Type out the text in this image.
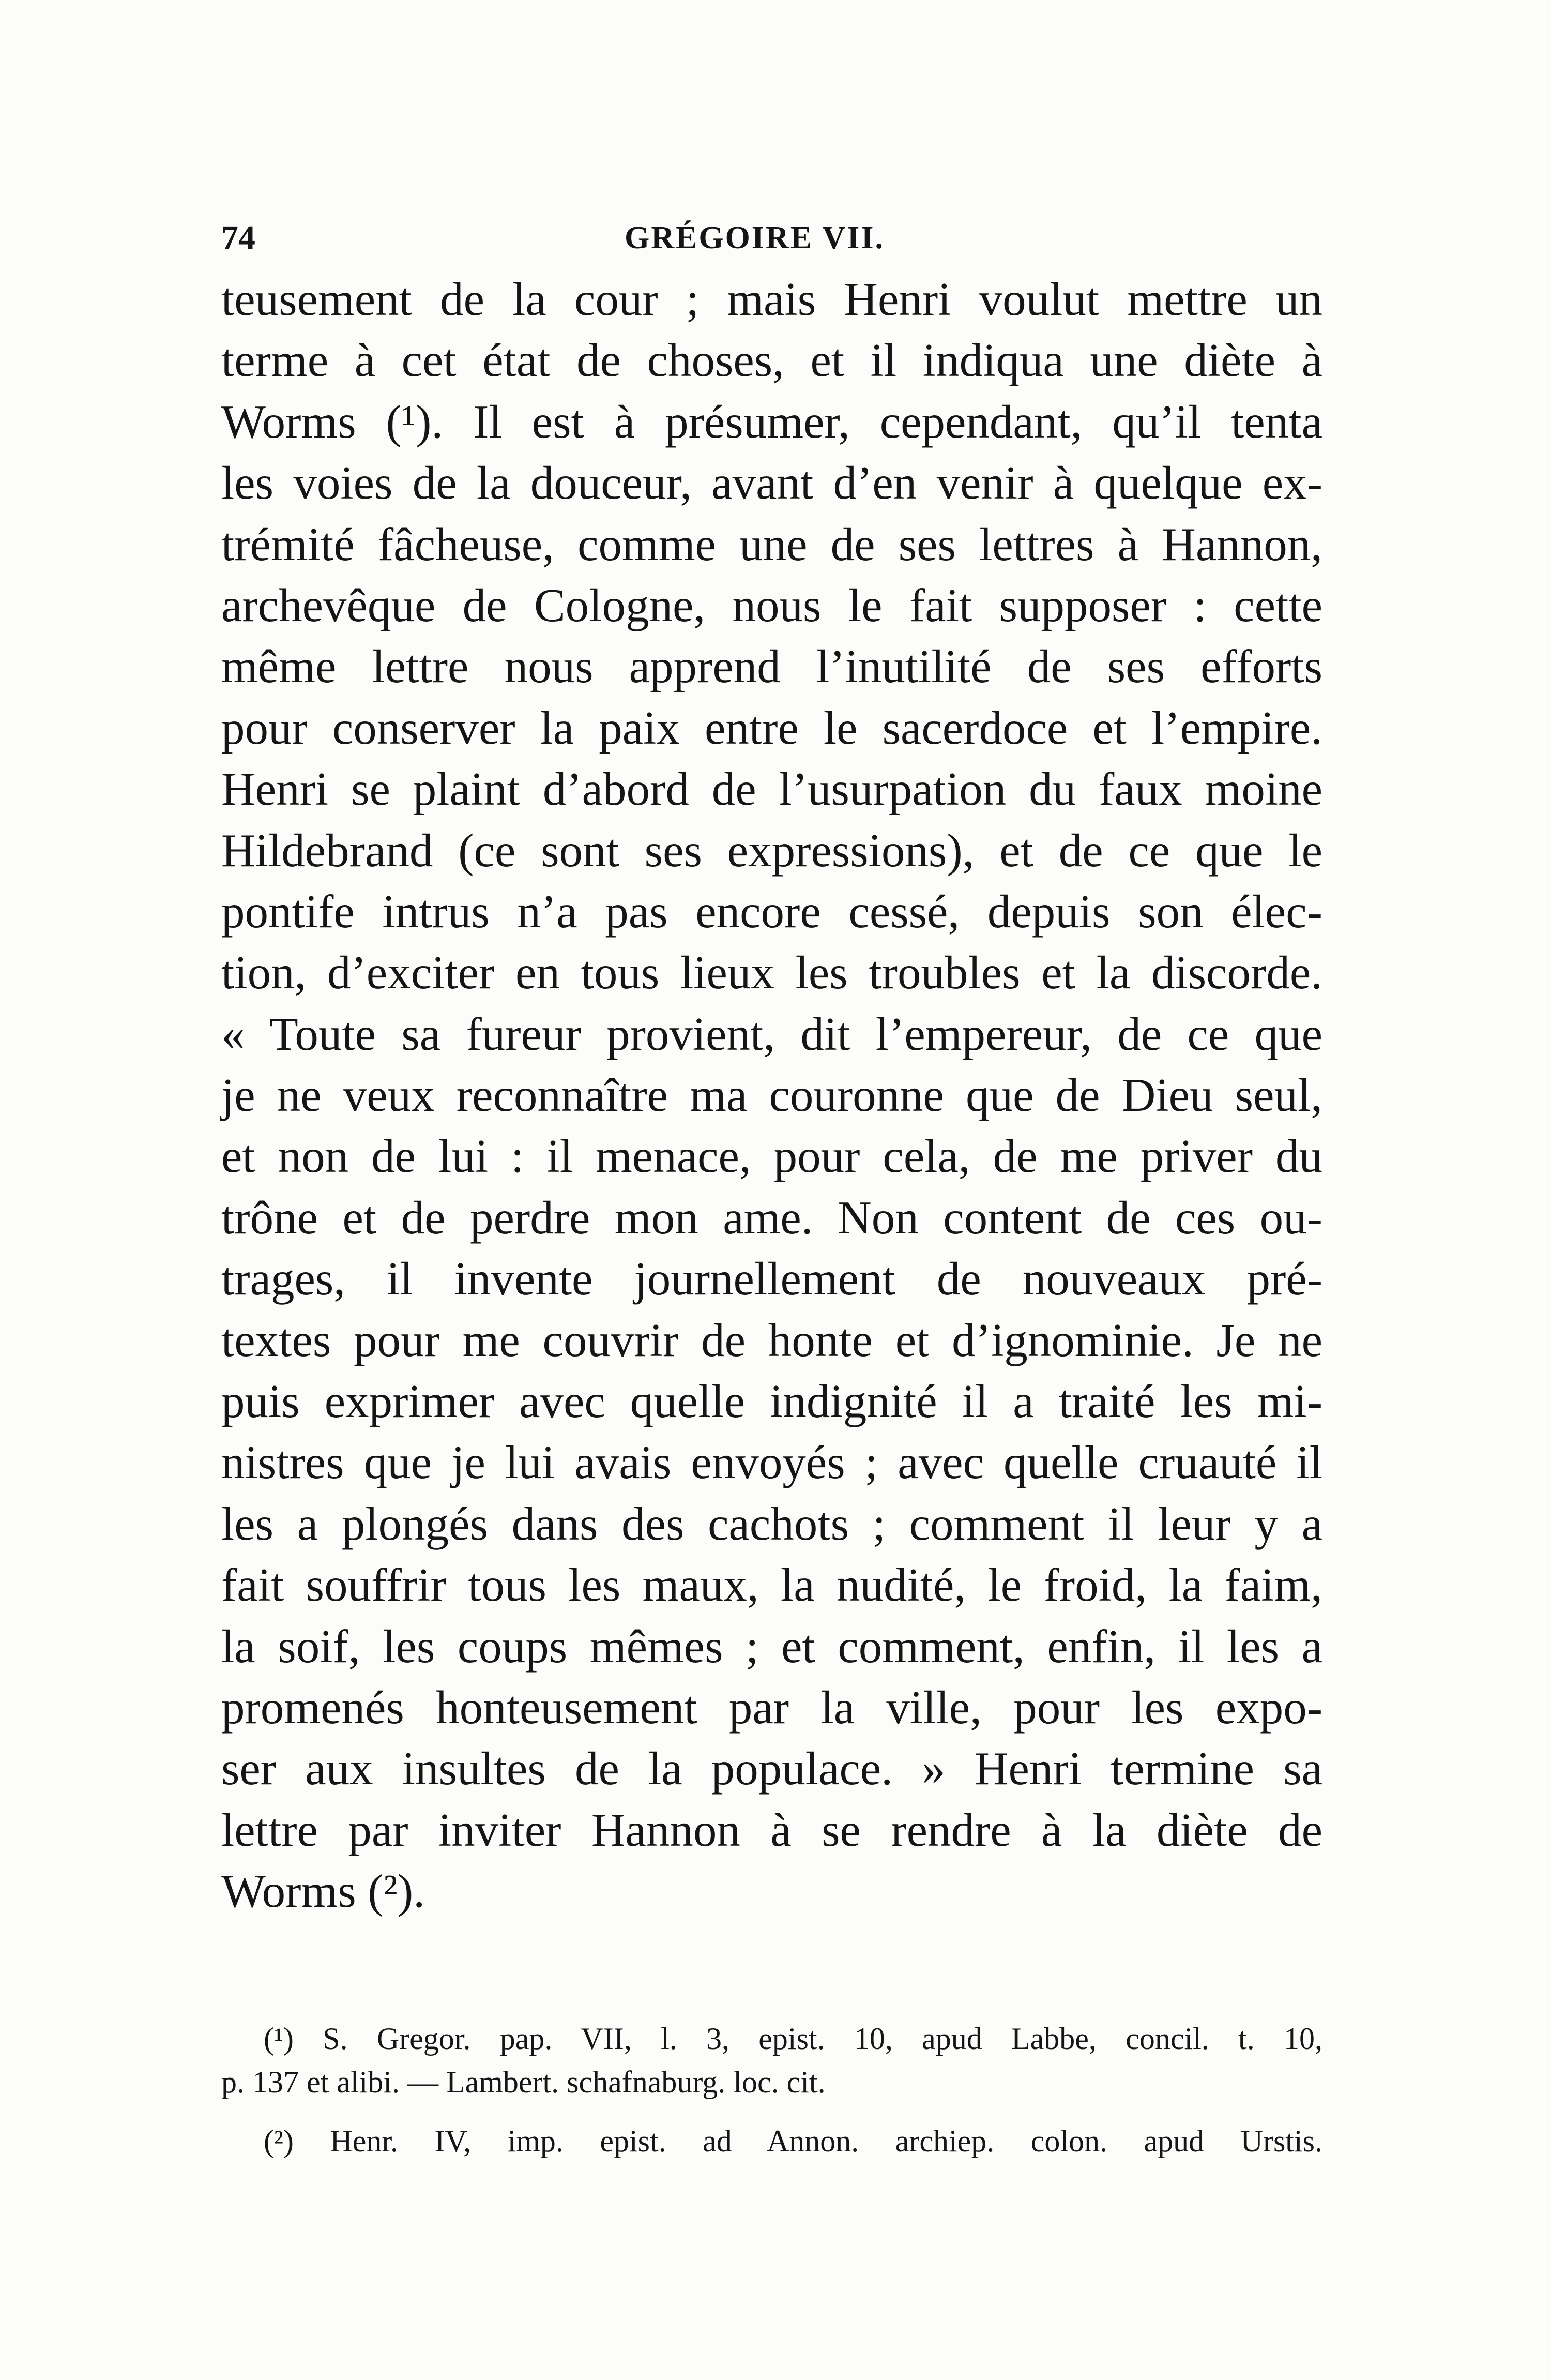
74	GRÉGOIRE VII.
teusement de la cour ; mais Henri voulut mettre un
terme à cet état de choses, et il indiqua une diète à
Worms (¹). Il est à présumer, cependant, qu’il tenta
les voies de la douceur, avant d’en venir à quelque ex-
trémité fâcheuse, comme une de ses lettres à Hannon,
archevêque de Cologne, nous le fait supposer : cette
même lettre nous apprend l’inutilité de ses efforts
pour conserver la paix entre le sacerdoce et l’empire.
Henri se plaint d’abord de l’usurpation du faux moine
Hildebrand (ce sont ses expressions), et de ce que le
pontife intrus n’a pas encore cessé, depuis son élec-
tion, d’exciter en tous lieux les troubles et la discorde.
« Toute sa fureur provient, dit l’empereur, de ce que
je ne veux reconnaître ma couronne que de Dieu seul,
et non de lui : il menace, pour cela, de me priver du
trône et de perdre mon ame. Non content de ces ou-
trages, il invente journellement de nouveaux pré-
textes pour me couvrir de honte et d’ignominie. Je ne
puis exprimer avec quelle indignité il a traité les mi-
nistres que je lui avais envoyés ; avec quelle cruauté il
les a plongés dans des cachots ; comment il leur y a
fait souffrir tous les maux, la nudité, le froid, la faim,
la soif, les coups mêmes ; et comment, enfin, il les a
promenés honteusement par la ville, pour les expo-
ser aux insultes de la populace. » Henri termine sa
lettre par inviter Hannon à se rendre à la diète de
Worms (²).
(¹) S. Gregor. pap. VII, l. 3, epist. 10, apud Labbe, concil. t. 10,
p. 137 et alibi. — Lambert. schafnaburg. loc. cit.
(²) Henr. IV, imp. epist. ad Annon. archiep. colon. apud Urstis.
